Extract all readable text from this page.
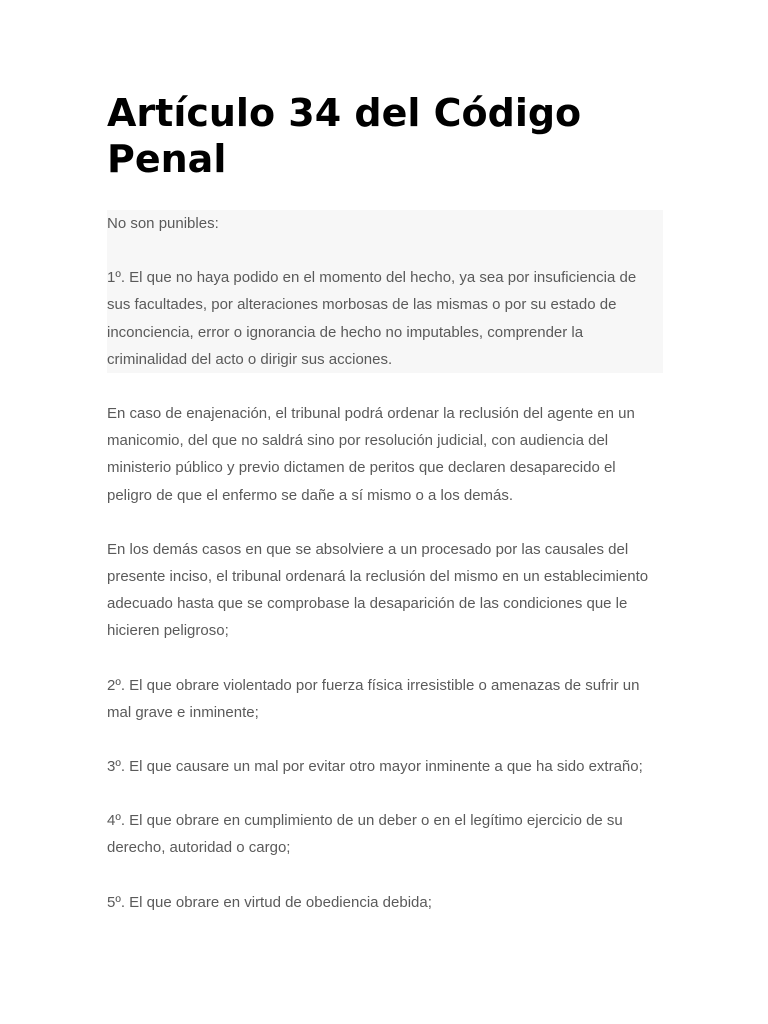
Artículo 34 del Código Penal

No son punibles:

1º. El que no haya podido en el momento del hecho, ya sea por insuficiencia de sus facultades, por alteraciones morbosas de las mismas o por su estado de inconciencia, error o ignorancia de hecho no imputables, comprender la criminalidad del acto o dirigir sus acciones.

En caso de enajenación, el tribunal podrá ordenar la reclusión del agente en un manicomio, del que no saldrá sino por resolución judicial, con audiencia del ministerio público y previo dictamen de peritos que declaren desaparecido el peligro de que el enfermo se dañe a sí mismo o a los demás.

En los demás casos en que se absolviere a un procesado por las causales del presente inciso, el tribunal ordenará la reclusión del mismo en un establecimiento adecuado hasta que se comprobase la desaparición de las condiciones que le hicieren peligroso;

2º. El que obrare violentado por fuerza física irresistible o amenazas de sufrir un mal grave e inminente;

3º. El que causare un mal por evitar otro mayor inminente a que ha sido extraño;

4º. El que obrare en cumplimiento de un deber o en el legítimo ejercicio de su derecho, autoridad o cargo;

5º. El que obrare en virtud de obediencia debida;
